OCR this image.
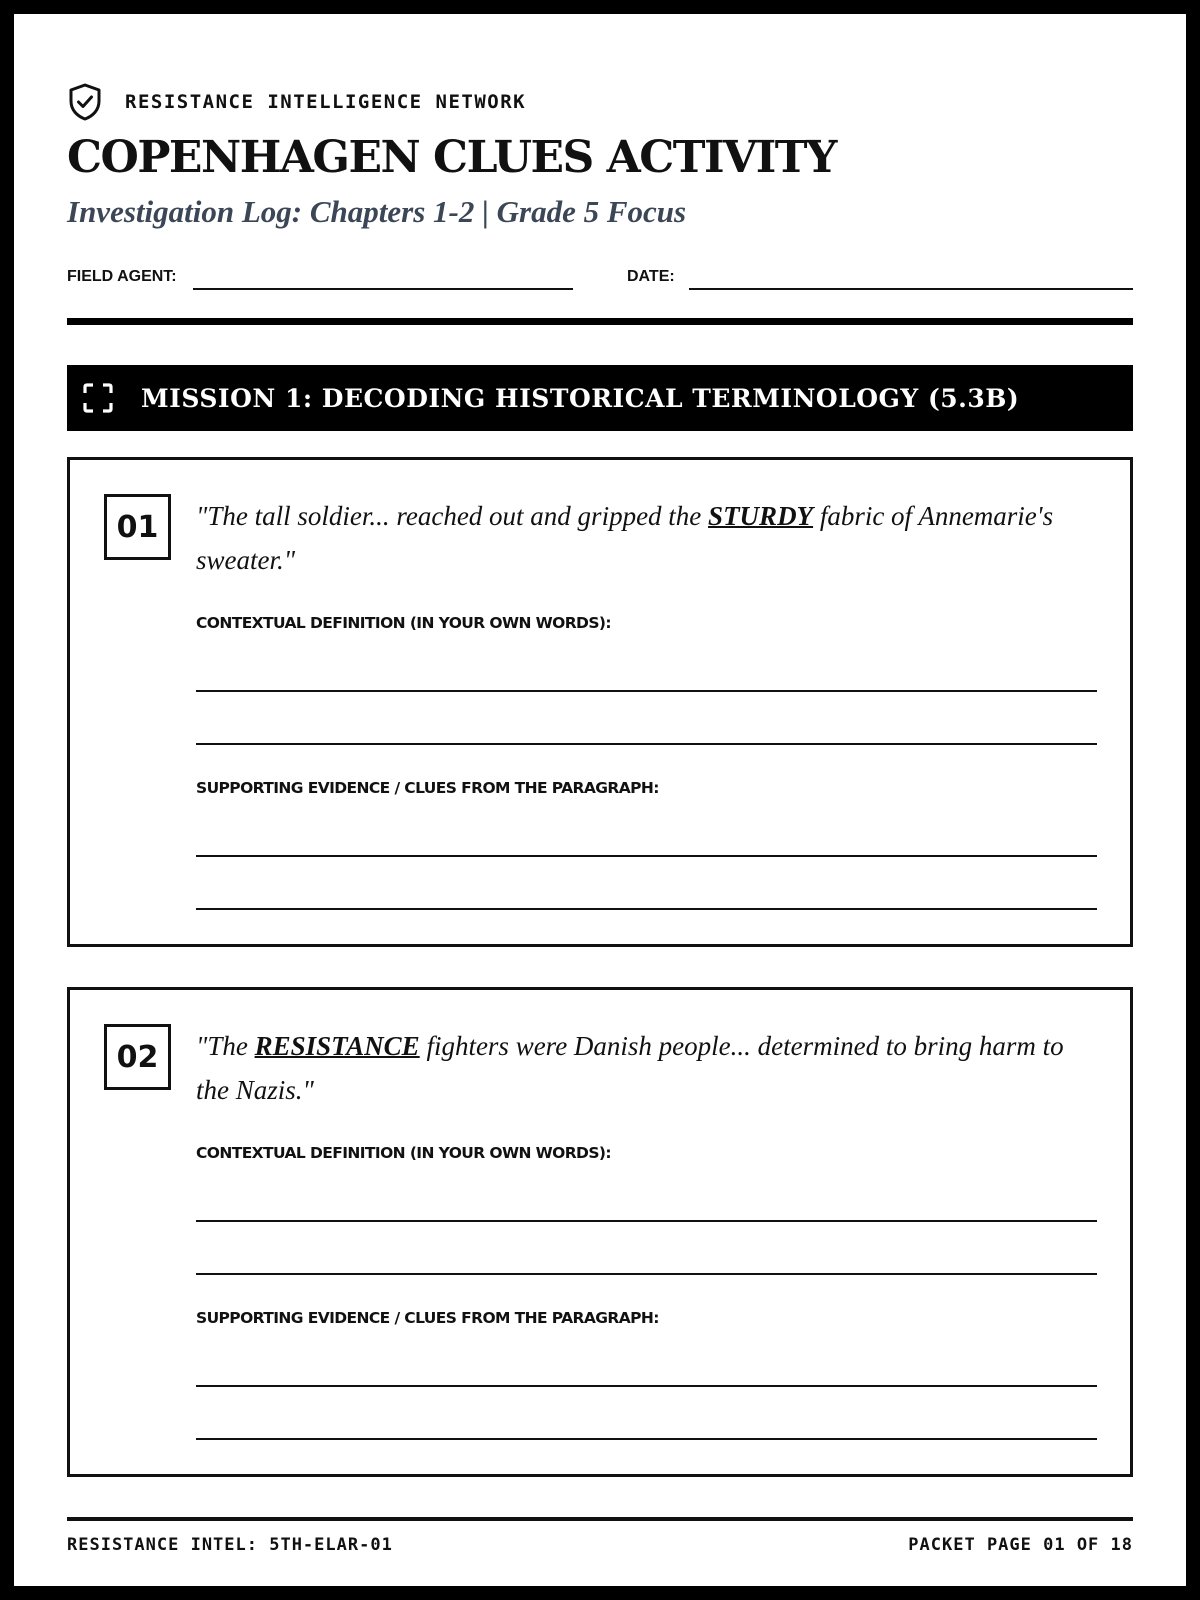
RESISTANCE INTELLIGENCE NETWORK
COPENHAGEN CLUES ACTIVITY
Investigation Log: Chapters 1-2 | Grade 5 Focus
FIELD AGENT:	DATE:
MISSION 1: DECODING HISTORICAL TERMINOLOGY (5.3B)
01	"The tall soldier... reached out and gripped the STURDY fabric of Annemarie's sweater."
CONTEXTUAL DEFINITION (IN YOUR OWN WORDS):
SUPPORTING EVIDENCE / CLUES FROM THE PARAGRAPH:
02	"The RESISTANCE fighters were Danish people... determined to bring harm to the Nazis."
CONTEXTUAL DEFINITION (IN YOUR OWN WORDS):
SUPPORTING EVIDENCE / CLUES FROM THE PARAGRAPH:
RESISTANCE INTEL: 5TH-ELAR-01	PACKET PAGE 01 OF 18
